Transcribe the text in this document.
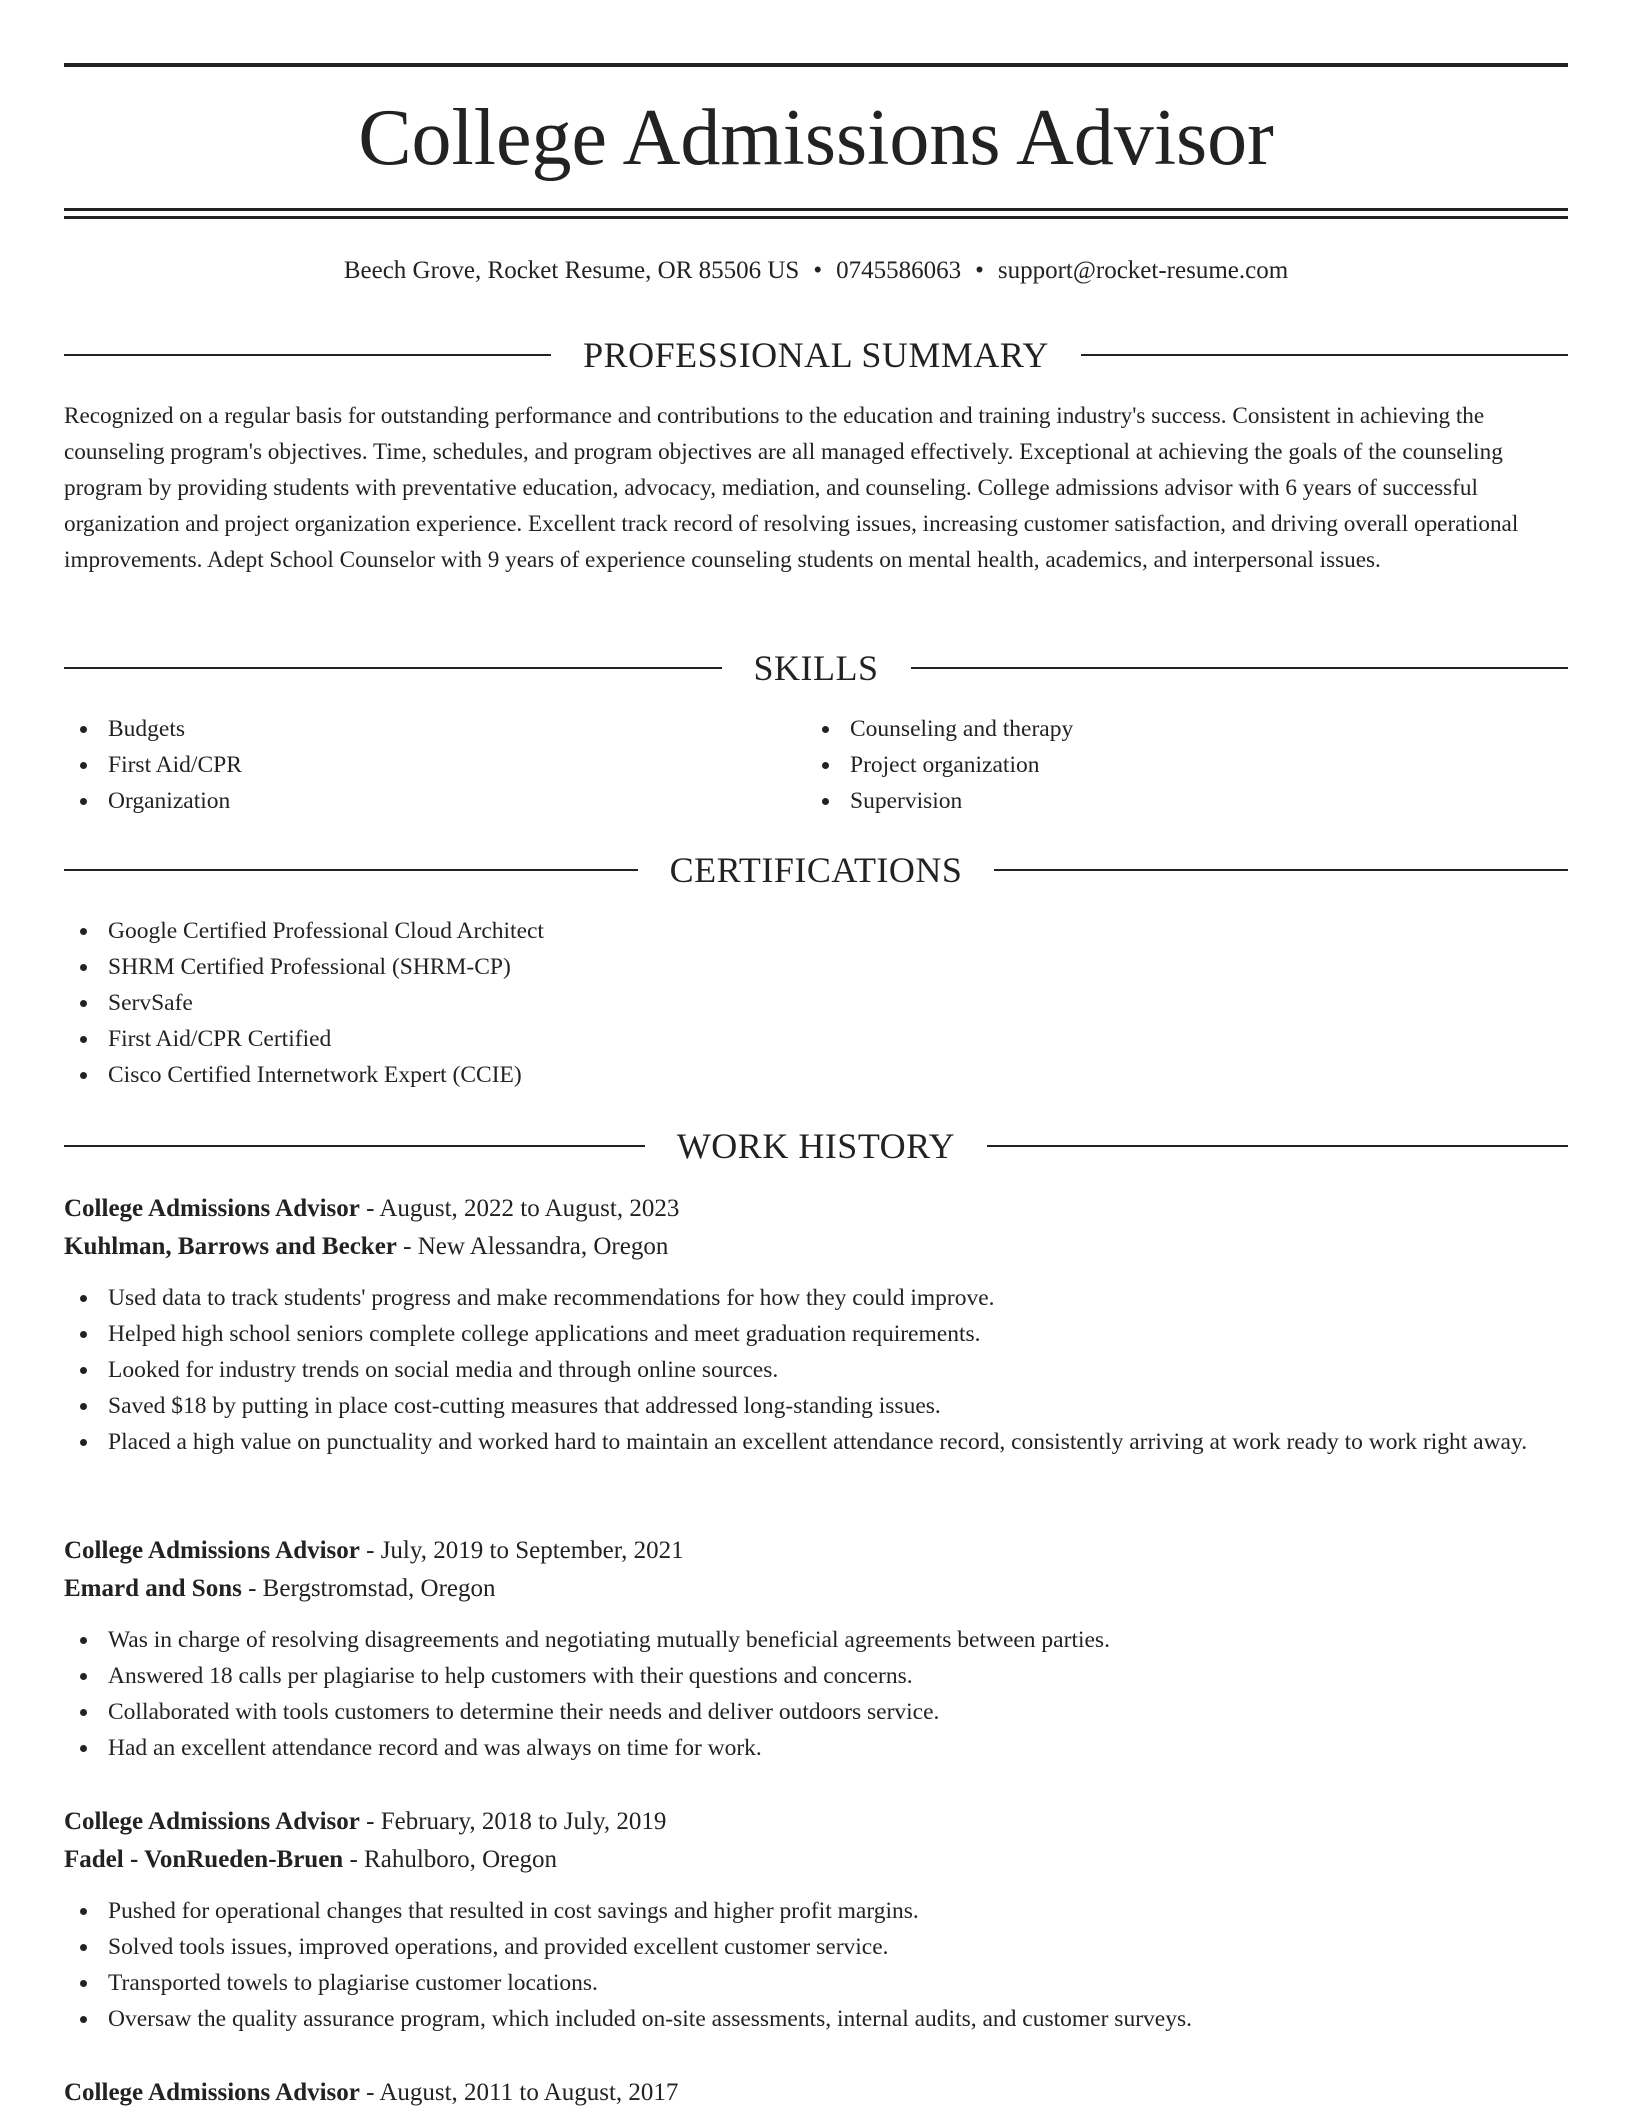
College Admissions Advisor
Beech Grove, Rocket Resume, OR 85506 US • 0745586063 • support@rocket-resume.com
PROFESSIONAL SUMMARY

Recognized on a regular basis for outstanding performance and contributions to the education and training industry's success. Consistent in achieving the counseling program's objectives. Time, schedules, and program objectives are all managed effectively. Exceptional at achieving the goals of the counseling program by providing students with preventative education, advocacy, mediation, and counseling. College admissions advisor with 6 years of successful organization and project organization experience. Excellent track record of resolving issues, increasing customer satisfaction, and driving overall operational improvements. Adept School Counselor with 9 years of experience counseling students on mental health, academics, and interpersonal issues.

SKILLS
Budgets
First Aid/CPR
Organization
Counseling and therapy
Project organization
Supervision
CERTIFICATIONS
Google Certified Professional Cloud Architect
SHRM Certified Professional (SHRM-CP)
ServSafe
First Aid/CPR Certified
Cisco Certified Internetwork Expert (CCIE)
WORK HISTORY
College Admissions Advisor - August, 2022 to August, 2023
Kuhlman, Barrows and Becker - New Alessandra, Oregon
Used data to track students' progress and make recommendations for how they could improve.
Helped high school seniors complete college applications and meet graduation requirements.
Looked for industry trends on social media and through online sources.
Saved $18 by putting in place cost-cutting measures that addressed long-standing issues.
Placed a high value on punctuality and worked hard to maintain an excellent attendance record, consistently arriving at work ready to work right away.
College Admissions Advisor - July, 2019 to September, 2021
Emard and Sons - Bergstromstad, Oregon
Was in charge of resolving disagreements and negotiating mutually beneficial agreements between parties.
Answered 18 calls per plagiarise to help customers with their questions and concerns.
Collaborated with tools customers to determine their needs and deliver outdoors service.
Had an excellent attendance record and was always on time for work.
College Admissions Advisor - February, 2018 to July, 2019
Fadel - VonRueden-Bruen - Rahulboro, Oregon
Pushed for operational changes that resulted in cost savings and higher profit margins.
Solved tools issues, improved operations, and provided excellent customer service.
Transported towels to plagiarise customer locations.
Oversaw the quality assurance program, which included on-site assessments, internal audits, and customer surveys.
College Admissions Advisor - August, 2011 to August, 2017
